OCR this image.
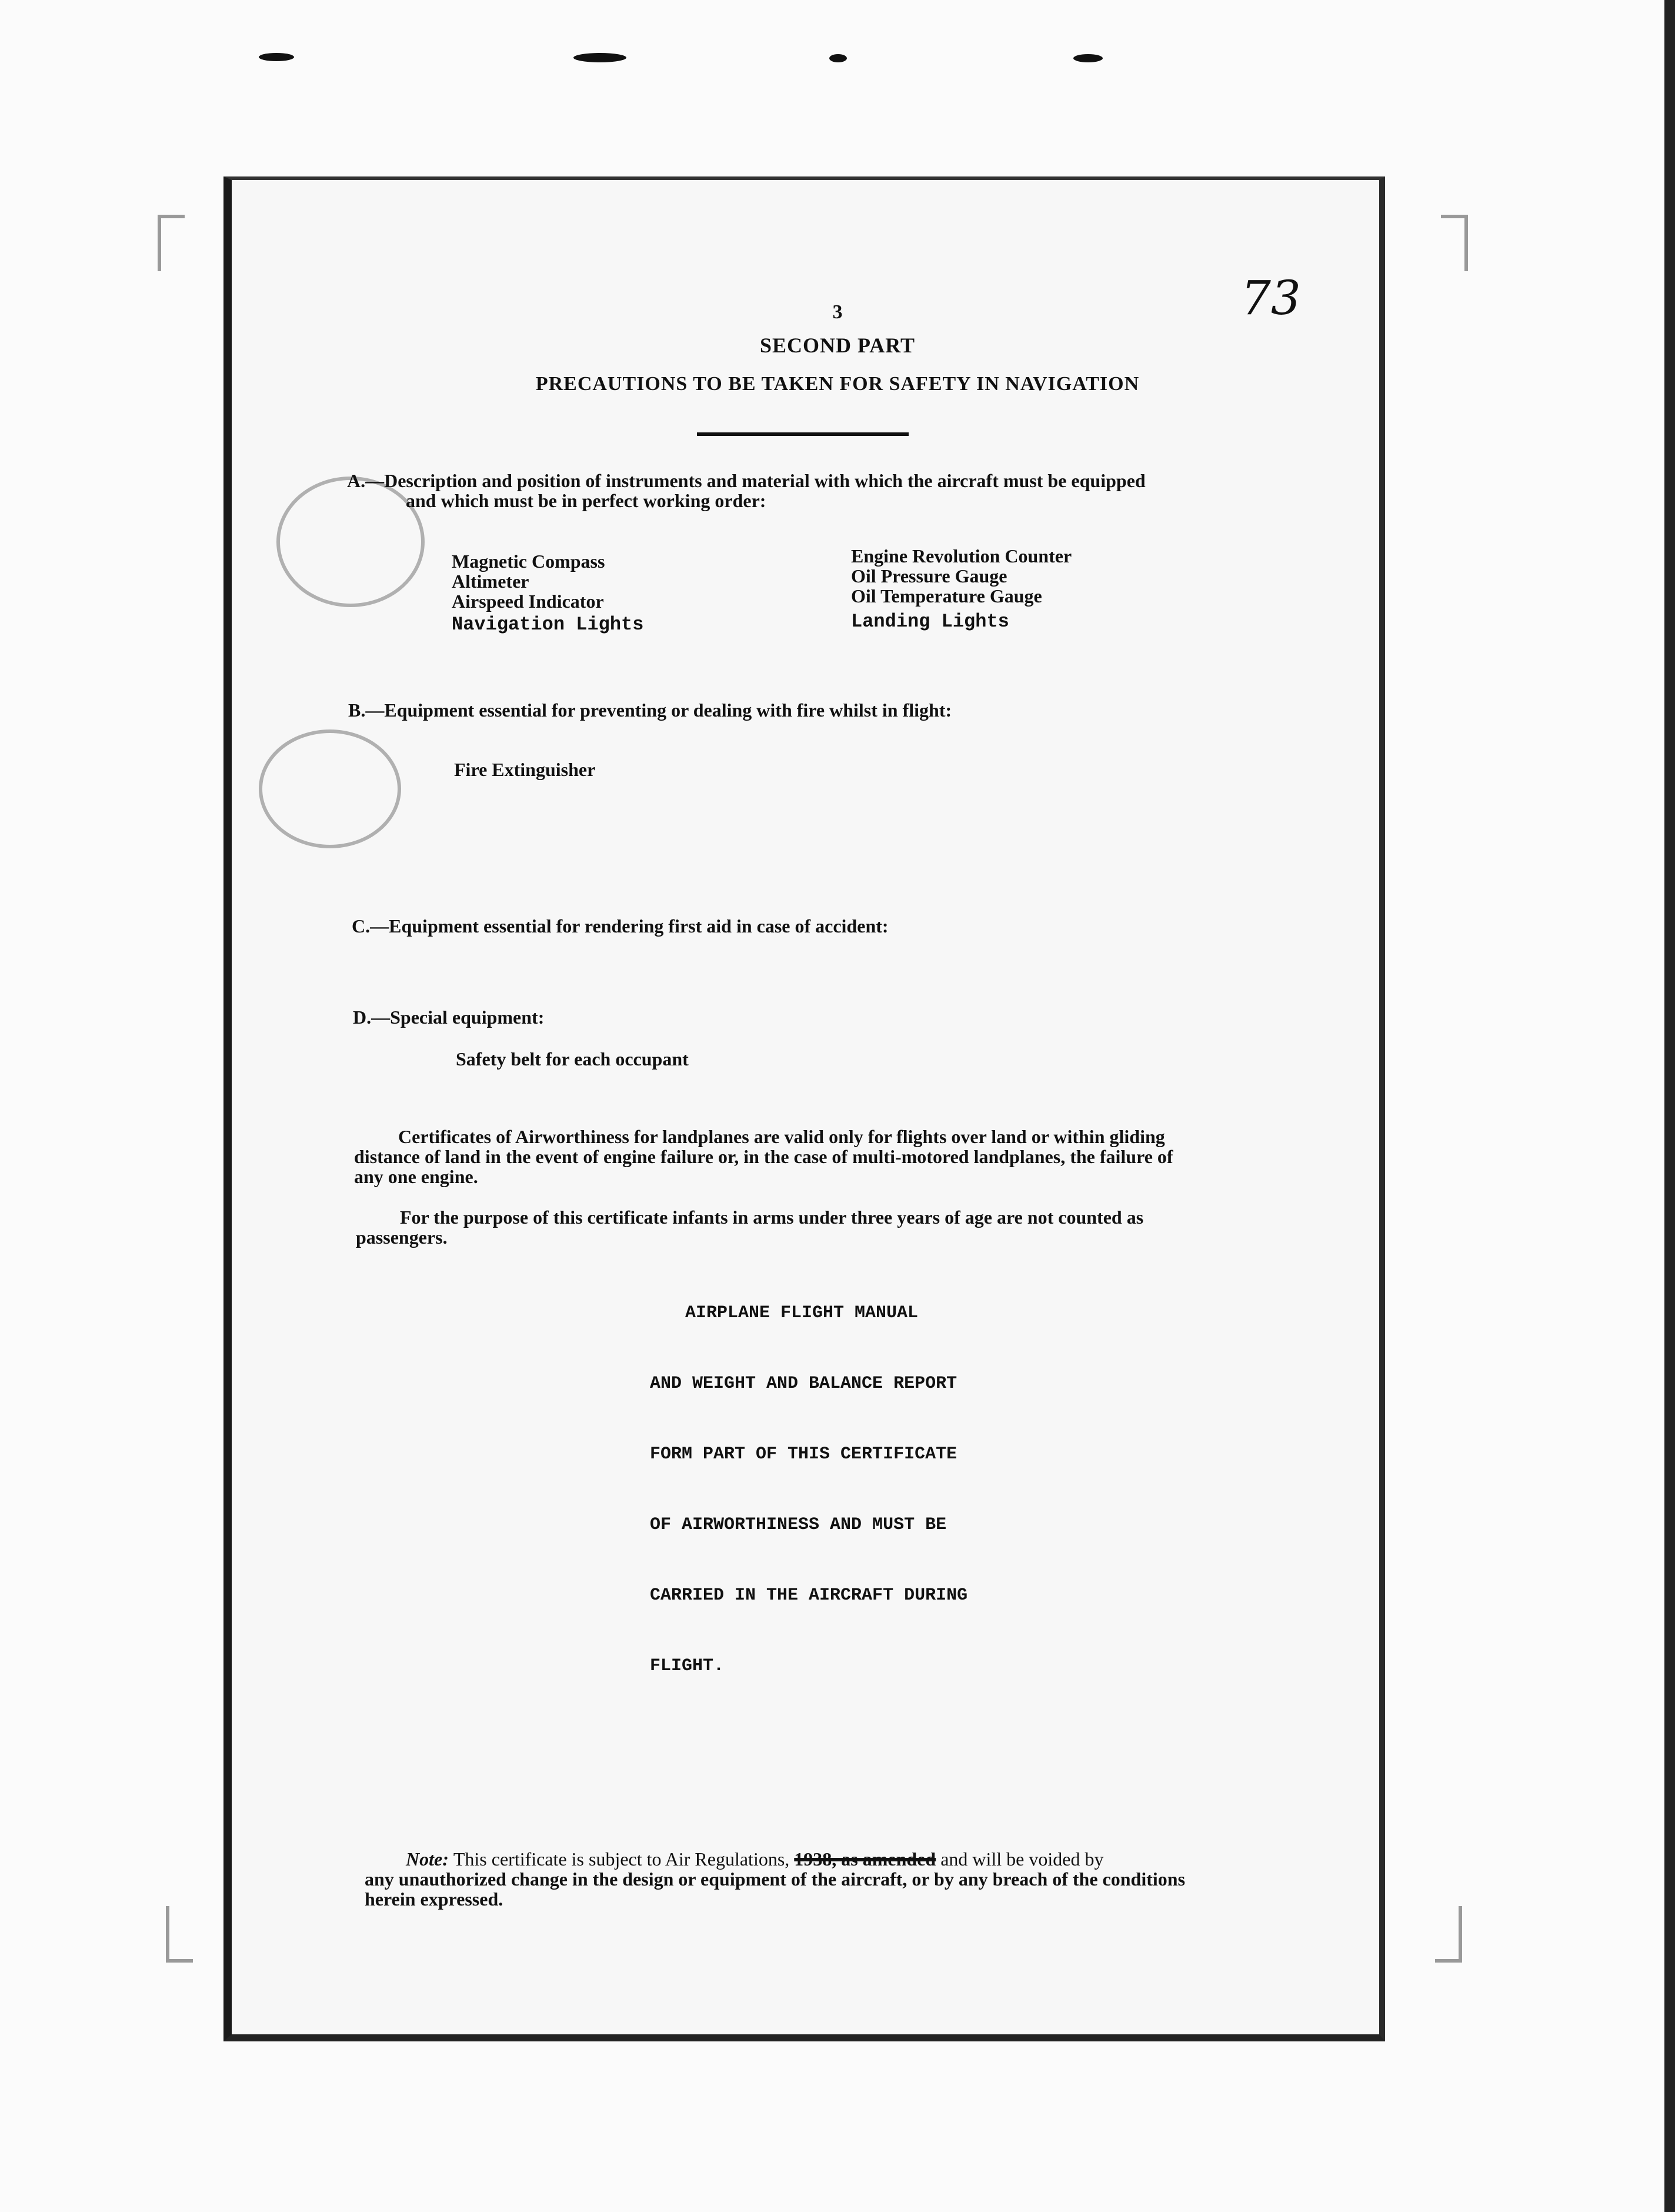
73
3
SECOND PART
PRECAUTIONS TO BE TAKEN FOR SAFETY IN NAVIGATION
A.—Description and position of instruments and material with which the aircraft must be equipped
and which must be in perfect working order:
Magnetic Compass
Altimeter
Airspeed Indicator
Navigation Lights
Engine Revolution Counter
Oil Pressure Gauge
Oil Temperature Gauge
Landing Lights
B.—Equipment essential for preventing or dealing with fire whilst in flight:
Fire Extinguisher
C.—Equipment essential for rendering first aid in case of accident:
D.—Special equipment:
Safety belt for each occupant
Certificates of Airworthiness for landplanes are valid only for flights over land or within gliding
distance of land in the event of engine failure or, in the case of multi-motored landplanes, the failure of
any one engine.
For the purpose of this certificate infants in arms under three years of age are not counted as
passengers.

AIRPLANE FLIGHT MANUAL

AND WEIGHT AND BALANCE REPORT

FORM PART OF THIS CERTIFICATE

OF AIRWORTHINESS AND MUST BE

CARRIED IN THE AIRCRAFT DURING

FLIGHT.

Note: This certificate is subject to Air Regulations, 1938, as amended and will be voided by
any unauthorized change in the design or equipment of the aircraft, or by any breach of the conditions
herein expressed.
